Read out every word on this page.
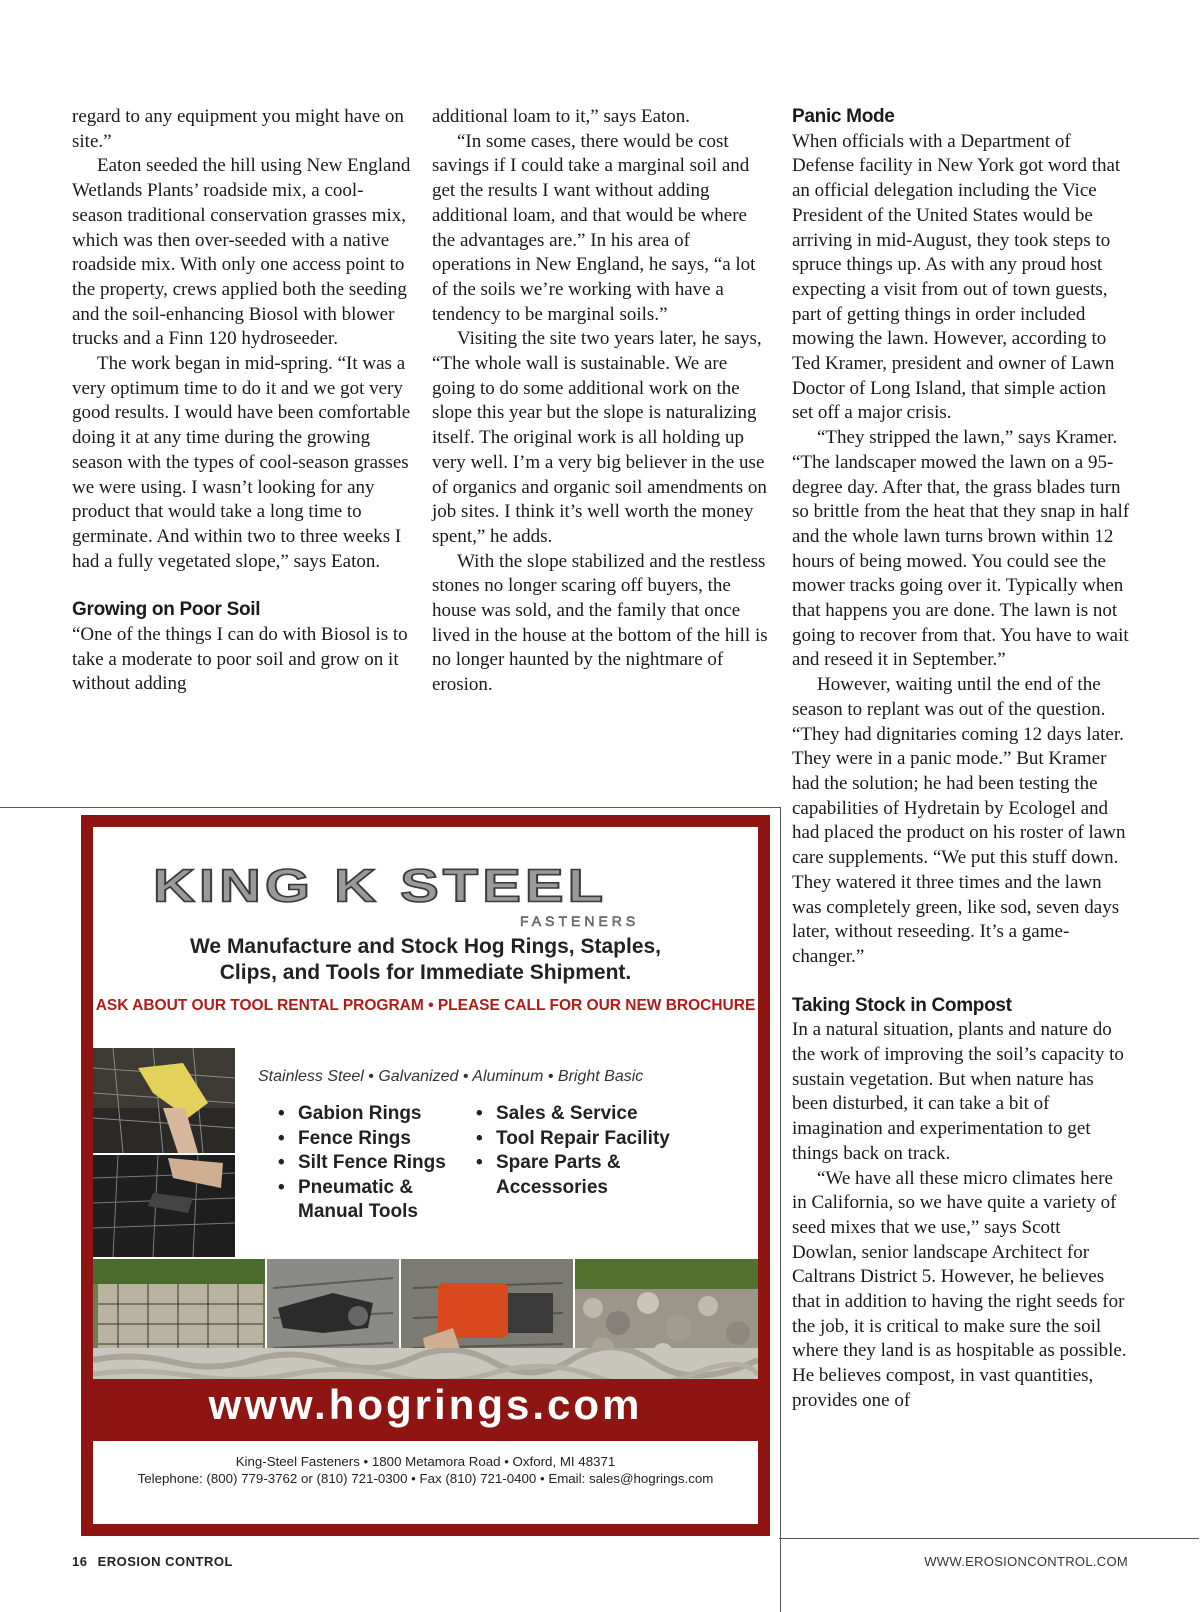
regard to any equipment you might have on site.”

Eaton seeded the hill using New England Wetlands Plants’ roadside mix, a cool-season traditional conservation grasses mix, which was then over-seeded with a native roadside mix. With only one access point to the property, crews applied both the seeding and the soil-enhancing Biosol with blower trucks and a Finn 120 hydroseeder.

The work began in mid-spring. “It was a very optimum time to do it and we got very good results. I would have been comfortable doing it at any time during the growing season with the types of cool-season grasses we were using. I wasn’t looking for any product that would take a long time to germinate. And within two to three weeks I had a fully vegetated slope,” says Eaton.

Growing on Poor Soil

“One of the things I can do with Biosol is to take a moderate to poor soil and grow on it without adding

additional loam to it,” says Eaton.

“In some cases, there would be cost savings if I could take a marginal soil and get the results I want without adding additional loam, and that would be where the advantages are.” In his area of operations in New England, he says, “a lot of the soils we’re working with have a tendency to be marginal soils.”

Visiting the site two years later, he says, “The whole wall is sustainable. We are going to do some additional work on the slope this year but the slope is naturalizing itself. The original work is all holding up very well. I’m a very big believer in the use of organics and organic soil amendments on job sites. I think it’s well worth the money spent,” he adds.

With the slope stabilized and the restless stones no longer scaring off buyers, the house was sold, and the family that once lived in the house at the bottom of the hill is no longer haunted by the nightmare of erosion.

Panic Mode

When officials with a Department of Defense facility in New York got word that an official delegation including the Vice President of the United States would be arriving in mid-August, they took steps to spruce things up. As with any proud host expecting a visit from out of town guests, part of getting things in order included mowing the lawn. However, according to Ted Kramer, president and owner of Lawn Doctor of Long Island, that simple action set off a major crisis.

“They stripped the lawn,” says Kramer. “The landscaper mowed the lawn on a 95-degree day. After that, the grass blades turn so brittle from the heat that they snap in half and the whole lawn turns brown within 12 hours of being mowed. You could see the mower tracks going over it. Typically when that happens you are done. The lawn is not going to recover from that. You have to wait and reseed it in September.”

However, waiting until the end of the season to replant was out of the question. “They had dignitaries coming 12 days later. They were in a panic mode.” But Kramer had the solution; he had been testing the capabilities of Hydretain by Ecologel and had placed the product on his roster of lawn care supplements. “We put this stuff down. They watered it three times and the lawn was completely green, like sod, seven days later, without reseeding. It’s a game-changer.”

Taking Stock in Compost

In a natural situation, plants and nature do the work of improving the soil’s capacity to sustain vegetation. But when nature has been disturbed, it can take a bit of imagination and experimentation to get things back on track.

“We have all these micro climates here in California, so we have quite a variety of seed mixes that we use,” says Scott Dowlan, senior landscape Architect for Caltrans District 5. However, he believes that in addition to having the right seeds for the job, it is critical to make sure the soil where they land is as hospitable as possible. He believes compost, in vast quantities, provides one of

KING K STEEL
FASTENERS
We Manufacture and Stock Hog Rings, Staples,
Clips, and Tools for Immediate Shipment.
ASK ABOUT OUR TOOL RENTAL PROGRAM • PLEASE CALL FOR OUR NEW BROCHURE
Stainless Steel • Galvanized • Aluminum • Bright Basic
• Gabion Rings
• Fence Rings
• Silt Fence Rings
• Pneumatic &
Manual Tools
• Sales & Service
• Tool Repair Facility
• Spare Parts &
Accessories
www.hogrings.com
King-Steel Fasteners • 1800 Metamora Road • Oxford, MI 48371
Telephone: (800) 779-3762 or (810) 721-0300 • Fax (810) 721-0400 • Email: sales@hogrings.com
16 EROSION CONTROL	WWW.EROSIONCONTROL.COM
